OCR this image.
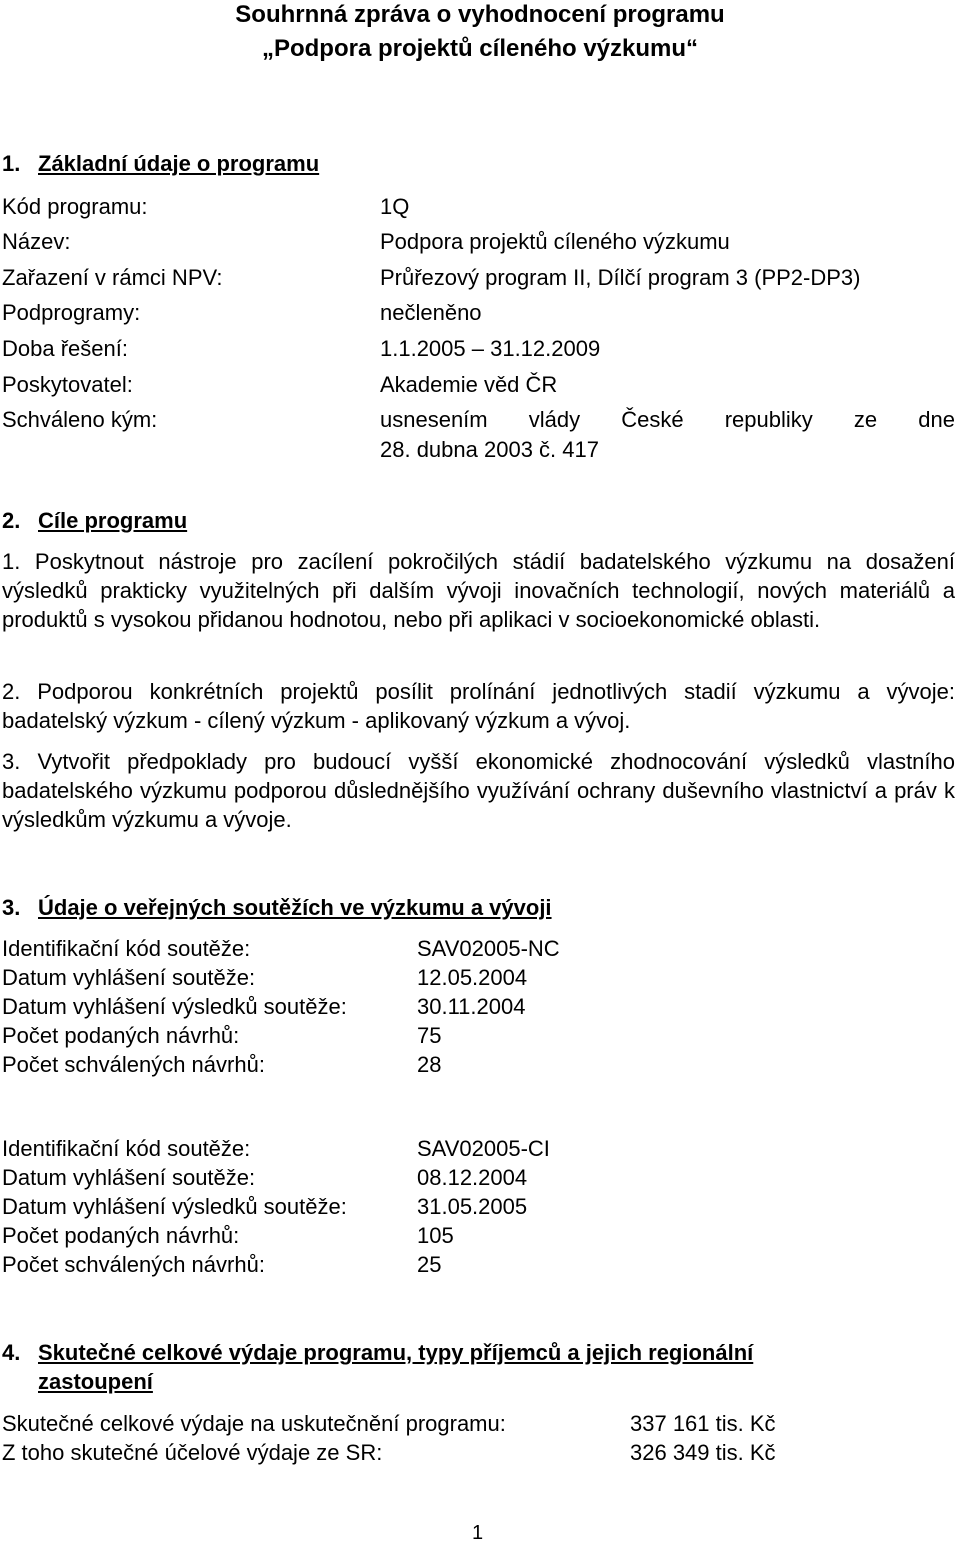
Souhrnná zpráva o vyhodnocení programu
„Podpora projektů cíleného výzkumu“
1. Základní údaje o programu
Kód programu:	1Q
Název:	Podpora projektů cíleného výzkumu
Zařazení v rámci NPV:	Průřezový program II, Dílčí program 3 (PP2-DP3)
Podprogramy:	nečleněno
Doba řešení:	1.1.2005 – 31.12.2009
Poskytovatel:	Akademie věd ČR
Schváleno kým:	usnesením vlády České republiky ze dne
28. dubna 2003 č. 417
2. Cíle programu
1. Poskytnout nástroje pro zacílení pokročilých stádií badatelského výzkumu na dosažení výsledků prakticky využitelných při dalším vývoji inovačních technologií, nových materiálů a produktů s vysokou přidanou hodnotou, nebo při aplikaci v socioekonomické oblasti.
2. Podporou konkrétních projektů posílit prolínání jednotlivých stadií výzkumu a vývoje: badatelský výzkum - cílený výzkum - aplikovaný výzkum a vývoj.
3. Vytvořit předpoklady pro budoucí vyšší ekonomické zhodnocování výsledků vlastního badatelského výzkumu podporou důslednějšího využívání ochrany duševního vlastnictví a práv k výsledkům výzkumu a vývoje.
3. Údaje o veřejných soutěžích ve výzkumu a vývoji
Identifikační kód soutěže:	SAV02005-NC
Datum vyhlášení soutěže:	12.05.2004
Datum vyhlášení výsledků soutěže:	30.11.2004
Počet podaných návrhů:	75
Počet schválených návrhů:	28
Identifikační kód soutěže:	SAV02005-CI
Datum vyhlášení soutěže:	08.12.2004
Datum vyhlášení výsledků soutěže:	31.05.2005
Počet podaných návrhů:	105
Počet schválených návrhů:	25
4. Skutečné celkové výdaje programu, typy příjemců a jejich regionální
zastoupení
Skutečné celkové výdaje na uskutečnění programu:	337 161 tis. Kč
Z toho skutečné účelové výdaje ze SR:	326 349 tis. Kč
1
